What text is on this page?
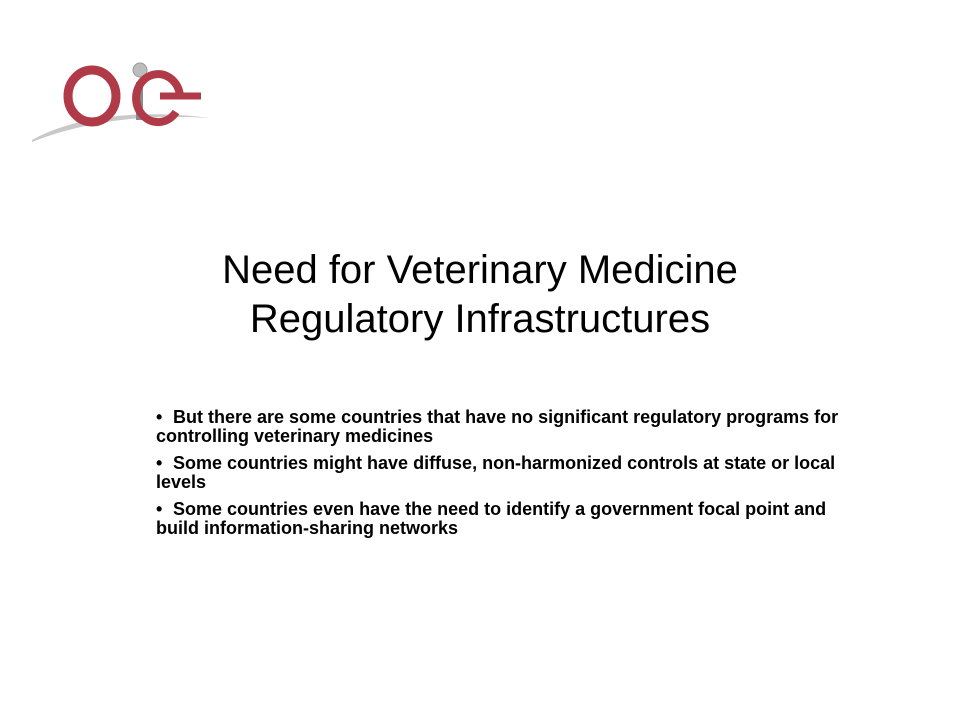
Need for Veterinary Medicine
Regulatory Infrastructures
• But there are some countries that have no significant regulatory programs for controlling veterinary medicines
• Some countries might have diffuse, non-harmonized controls at state or local levels
• Some countries even have the need to identify a government focal point and build information-sharing networks
